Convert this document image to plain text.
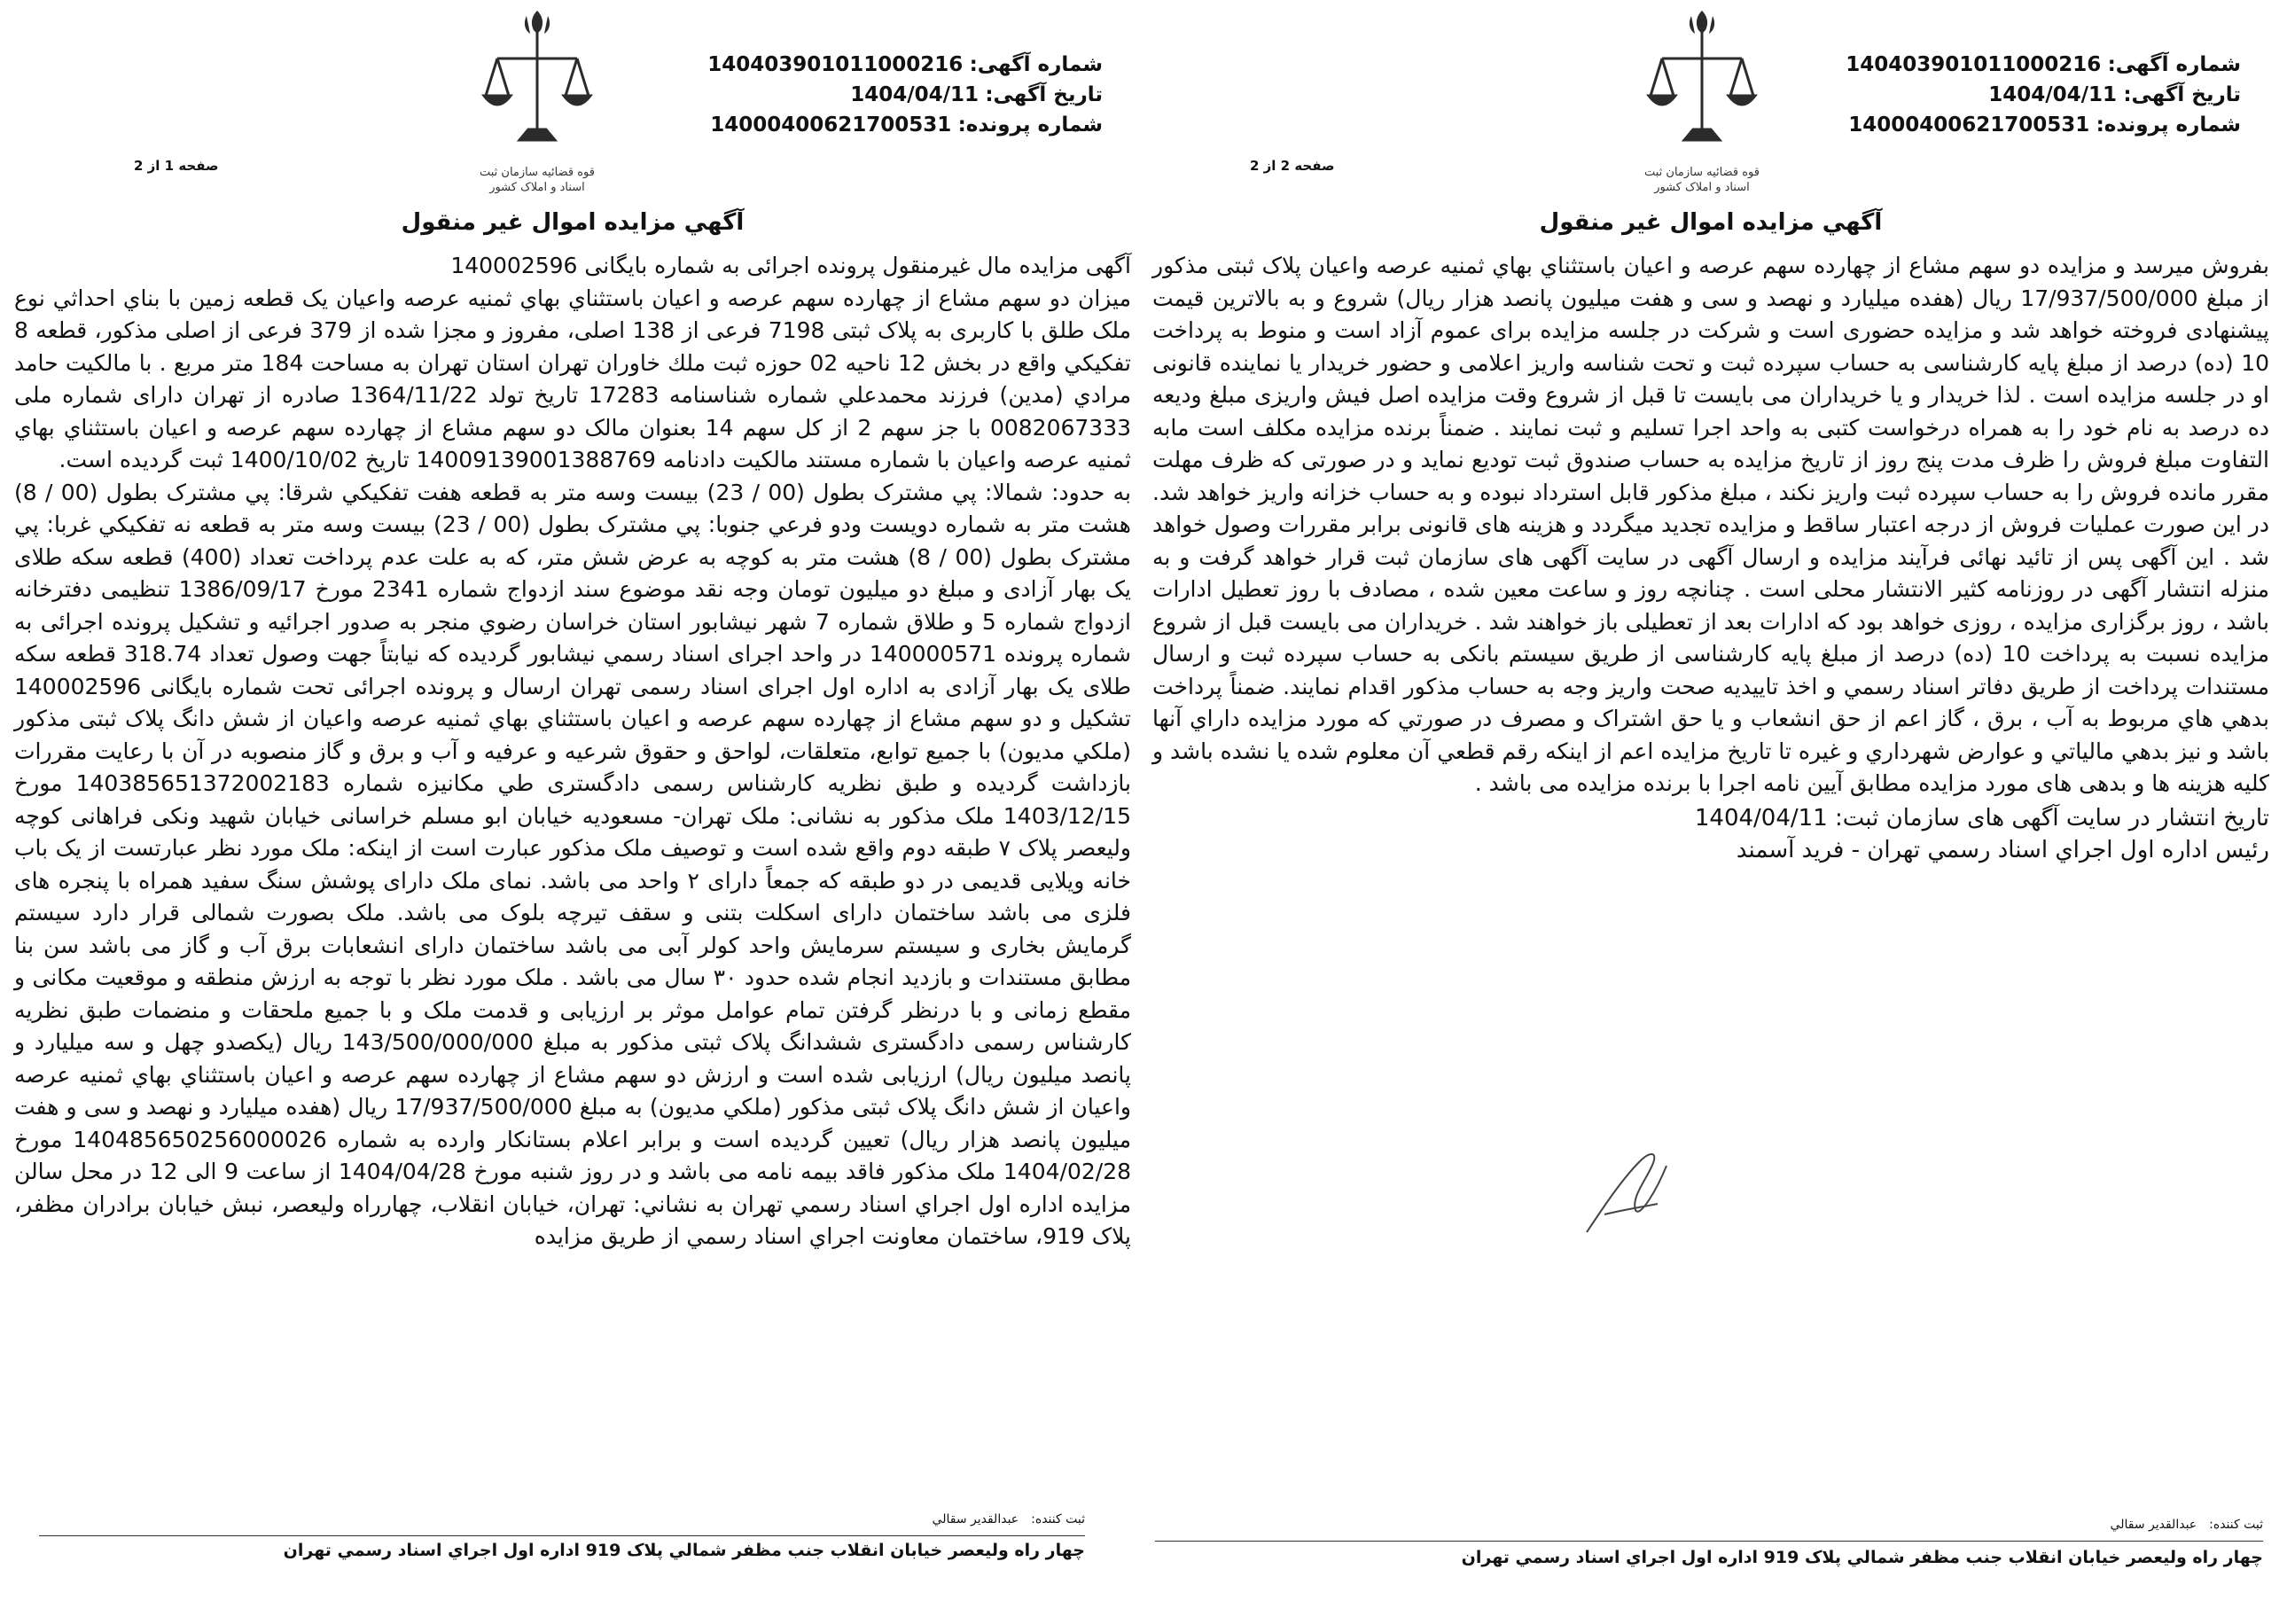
شماره آگهی: 140403901011000216
تاریخ آگهی: 1404/04/11
شماره پرونده: 14000400621700531
قوه قضائیه سازمان ثبت اسناد و املاک کشور
صفحه 2 از 2
آگهي مزايده اموال غير منقول

بفروش میرسد و مزایده دو سهم مشاع از چهارده سهم عرصه و اعیان باستثناي بهاي ثمنيه عرصه واعیان پلاک ثبتی مذکور از مبلغ 17/937/500/000 ریال (هفده میلیارد و نهصد و سی و هفت میلیون پانصد هزار ریال) شروع و به بالاترین قیمت پیشنهادی فروخته خواهد شد و مزایده حضوری است و شرکت در جلسه مزایده برای عموم آزاد است و منوط به پرداخت 10 (ده) درصد از مبلغ پایه کارشناسی به حساب سپرده ثبت و تحت شناسه واریز اعلامی و حضور خریدار یا نماینده قانونی او در جلسه مزایده است . لذا خریدار و یا خریداران می بایست تا قبل از شروع وقت مزایده اصل فیش واریزی مبلغ ودیعه ده درصد به نام خود را به همراه درخواست کتبی به واحد اجرا تسلیم و ثبت نمایند . ضمناً برنده مزایده مکلف است مابه التفاوت مبلغ فروش را ظرف مدت پنج روز از تاریخ مزایده به حساب صندوق ثبت تودیع نماید و در صورتی که ظرف مهلت مقرر مانده فروش را به حساب سپرده ثبت واریز نکند ، مبلغ مذکور قابل استرداد نبوده و به حساب خزانه واریز خواهد شد. در این صورت عملیات فروش از درجه اعتبار ساقط و مزایده تجدید میگردد و هزینه های قانونی برابر مقررات وصول خواهد شد . این آگهی پس از تائید نهائی فرآیند مزایده و ارسال آگهی در سایت آگهی های سازمان ثبت قرار خواهد گرفت و به منزله انتشار آگهی در روزنامه کثیر الانتشار محلی است . چنانچه روز و ساعت معین شده ، مصادف با روز تعطیل ادارات باشد ، روز برگزاری مزایده ، روزی خواهد بود که ادارات بعد از تعطیلی باز خواهند شد . خریداران می بایست قبل از شروع مزایده نسبت به پرداخت 10 (ده) درصد از مبلغ پایه کارشناسی از طریق سیستم بانکی به حساب سپرده ثبت و ارسال مستندات پرداخت از طریق دفاتر اسناد رسمي و اخذ تاييديه صحت واريز وجه به حساب مذکور اقدام نمایند. ضمناً پرداخت بدهي هاي مربوط به آب ، برق ، گاز اعم از حق انشعاب و يا حق اشتراک و مصرف در صورتي که مورد مزايده داراي آنها باشد و نيز بدهي مالياتي و عوارض شهرداري و غيره تا تاريخ مزايده اعم از اينکه رقم قطعي آن معلوم شده يا نشده باشد و کليه هزينه ها و بدهی های مورد مزايده مطابق آيين نامه اجرا با برنده مزايده می باشد .

تاریخ انتشار در سایت آگهی های سازمان ثبت: 1404/04/11

رئيس اداره اول اجراي اسناد رسمي تهران - فريد آسمند

ثبت کننده:عبدالقدير سقالي
چهار راه وليعصر خيابان انقلاب جنب مظفر شمالي پلاک 919 اداره اول اجراي اسناد رسمي تهران
شماره آگهی: 140403901011000216
تاریخ آگهی: 1404/04/11
شماره پرونده: 14000400621700531
قوه قضائیه سازمان ثبت اسناد و املاک کشور
صفحه 1 از 2
آگهي مزايده اموال غير منقول

آگهی مزایده مال غیرمنقول پرونده اجرائی به شماره بایگانی 140002596

میزان دو سهم مشاع از چهارده سهم عرصه و اعیان باستثناي بهاي ثمنيه عرصه واعيان يک قطعه زمين با بناي احداثي نوع ملک طلق با کاربری به پلاک ثبتی 7198 فرعی از 138 اصلی، مفروز و مجزا شده از 379 فرعی از اصلی مذکور، قطعه 8 تفکيکي واقع در بخش 12 ناحيه 02 حوزه ثبت ملك خاوران تهران استان تهران به مساحت 184 متر مربع . با مالکيت حامد مرادي (مدين) فرزند محمدعلي شماره شناسنامه 17283 تاريخ تولد 1364/11/22 صادره از تهران دارای شماره ملی 0082067333 با جز سهم 2 از کل سهم 14 بعنوان مالک دو سهم مشاع از چهارده سهم عرصه و اعيان باستثناي بهاي ثمنيه عرصه واعيان با شماره مستند مالکيت دادنامه 140091390013887​69 تاريخ 1400/10/02 ثبت گرديده است.

به حدود: شمالا: پي مشترک بطول (00 / 23) بيست وسه متر به قطعه هفت تفکيکي شرقا: پي مشترک بطول (00 / 8) هشت متر به شماره دويست ودو فرعي جنوبا: پي مشترک بطول (00 / 23) بيست وسه متر به قطعه نه تفکيکي غربا: پي مشترک بطول (00 / 8) هشت متر به کوچه به عرض شش متر، که به علت عدم پرداخت تعداد (400) قطعه سکه طلای یک بهار آزادی و مبلغ دو میلیون تومان وجه نقد موضوع سند ازدواج شماره 2341 مورخ 1386/09/17 تنظیمی دفترخانه ازدواج شماره 5 و طلاق شماره 7 شهر نيشابور استان خراسان رضوي منجر به صدور اجرائيه و تشکيل پرونده اجرائی به شماره پرونده 140000571 در واحد اجرای اسناد رسمي نيشابور گرديده كه نيابتاً جهت وصول تعداد 318.74 قطعه سکه طلای یک بهار آزادی به اداره اول اجرای اسناد رسمی تهران ارسال و پرونده اجرائی تحت شماره بایگانی 140002596 تشکیل و دو سهم مشاع از چهارده سهم عرصه و اعيان باستثناي بهاي ثمنيه عرصه واعيان از شش دانگ پلاک ثبتی مذکور (ملکي مدیون) با جمیع توابع، متعلقات، لواحق و حقوق شرعیه و عرفیه و آب و برق و گاز منصوبه در آن با رعایت مقررات بازداشت گردیده و طبق نظریه کارشناس رسمی دادگستری طي مکانيزه شماره 140385651372002183 مورخ 1403/12/15 ملک مذکور به نشانی: ملک تهران- مسعوديه خیابان ابو مسلم خراسانی خيابان شهيد ونکی فراهانی کوچه وليعصر پلاک ۷ طبقه دوم واقع شده است و توصيف ملک مذکور عبارت است از اينکه: ملک مورد نظر عبارتست از یک باب خانه ویلایی قدیمی در دو طبقه که جمعاً دارای ۲ واحد می باشد. نمای ملک دارای پوشش سنگ سفید همراه با پنجره های فلزی می باشد ساختمان دارای اسکلت بتنی و سقف تیرچه بلوک می باشد. ملک بصورت شمالی قرار دارد سیستم گرمایش بخاری و سیستم سرمایش واحد کولر آبی می باشد ساختمان دارای انشعابات برق آب و گاز می باشد سن بنا مطابق مستندات و بازدید انجام شده حدود ۳۰ سال می باشد . ملک مورد نظر با توجه به ارزش منطقه و موقعیت مکانی و مقطع زمانی و با درنظر گرفتن تمام عوامل موثر بر ارزیابی و قدمت ملک و با جمیع ملحقات و منضمات طبق نظريه كارشناس رسمی دادگستری ششدانگ پلاک ثبتی مذکور به مبلغ 143/500/000/000 ریال (یکصدو چهل و سه میلیارد و پانصد میلیون ریال) ارزیابی شده است و ارزش دو سهم مشاع از چهارده سهم عرصه و اعيان باستثناي بهاي ثمنيه عرصه واعيان از شش دانگ پلاک ثبتی مذکور (ملکي مدیون) به مبلغ 17/937/500/000 ریال (هفده میلیارد و نهصد و سی و هفت میلیون پانصد هزار ریال) تعیین گردیده است و برابر اعلام بستانکار وارده به شماره 14048565025600002​6 مورخ 1404/02/28 ملک مذکور فاقد بیمه نامه می باشد و در روز شنبه مورخ 1404/04/28 از ساعت 9 الی 12 در محل سالن مزايده اداره اول اجراي اسناد رسمي تهران به نشاني: تهران، خيابان انقلاب، چهارراه وليعصر، نبش خيابان برادران مظفر، پلاک 919، ساختمان معاونت اجراي اسناد رسمي از طريق مزايده

ثبت کننده:عبدالقدير سقالي
چهار راه وليعصر خيابان انقلاب جنب مظفر شمالي پلاک 919 اداره اول اجراي اسناد رسمي تهران
